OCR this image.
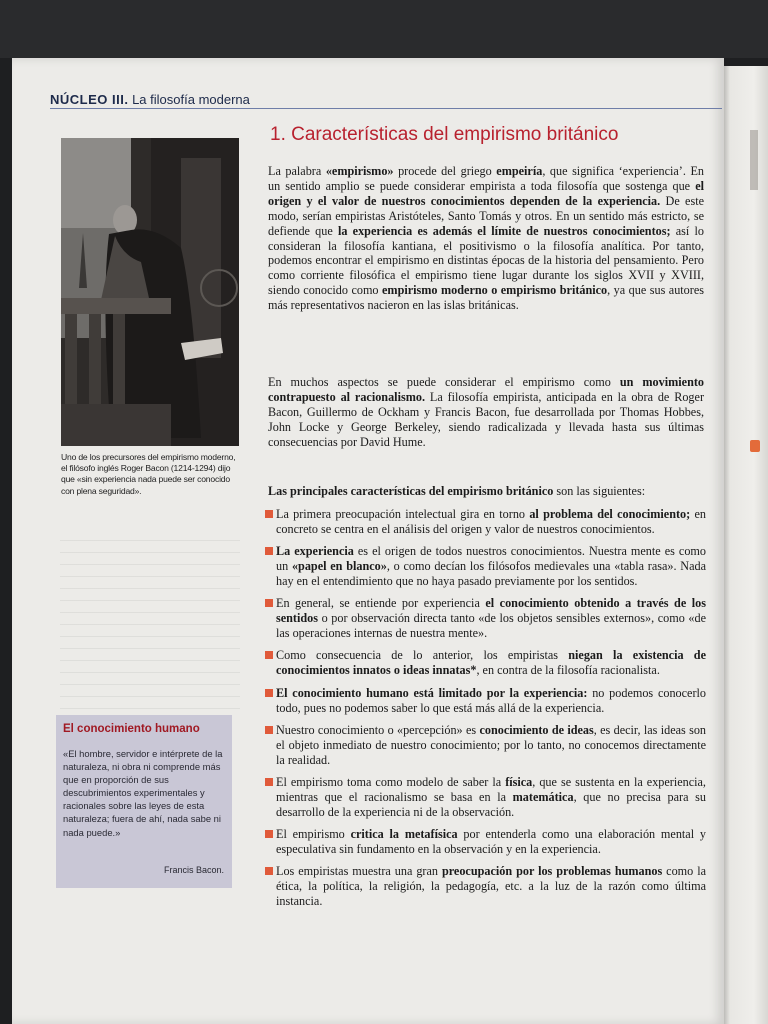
NÚCLEO III. La filosofía moderna
Uno de los precursores del empirismo moderno, el filósofo inglés Roger Bacon (1214-1294) dijo que «sin experiencia nada puede ser conocido con plena seguridad».
El conocimiento humano
«El hombre, servidor e intérprete de la naturaleza, ni obra ni comprende más que en proporción de sus descubrimientos experimentales y racionales sobre las leyes de esta naturaleza; fuera de ahí, nada sabe ni nada puede.»
Francis Bacon.
1. Características del empirismo británico
La palabra «empirismo» procede del griego empeiría, que significa ‘experiencia’. En un sentido amplio se puede considerar empirista a toda filosofía que sostenga que el origen y el valor de nuestros conocimientos dependen de la experiencia. De este modo, serían empiristas Aristóteles, Santo Tomás y otros. En un sentido más estricto, se defiende que la experiencia es además el límite de nuestros conocimientos; así lo consideran la filosofía kantiana, el positivismo o la filosofía analítica. Por tanto, podemos encontrar el empirismo en distintas épocas de la historia del pensamiento. Pero como corriente filosófica el empirismo tiene lugar durante los siglos XVII y XVIII, siendo conocido como empirismo moderno o empirismo británico, ya que sus autores más representativos nacieron en las islas británicas.
En muchos aspectos se puede considerar el empirismo como un movimiento contrapuesto al racionalismo. La filosofía empirista, anticipada en la obra de Roger Bacon, Guillermo de Ockham y Francis Bacon, fue desarrollada por Thomas Hobbes, John Locke y George Berkeley, siendo radicalizada y llevada hasta sus últimas consecuencias por David Hume.
Las principales características del empirismo británico son las siguientes:
La primera preocupación intelectual gira en torno al problema del conocimiento; en concreto se centra en el análisis del origen y valor de nuestros conocimientos.
La experiencia es el origen de todos nuestros conocimientos. Nuestra mente es como un «papel en blanco», o como decían los filósofos medievales una «tabla rasa». Nada hay en el entendimiento que no haya pasado previamente por los sentidos.
En general, se entiende por experiencia el conocimiento obtenido a través de los sentidos o por observación directa tanto «de los objetos sensibles externos», como «de las operaciones internas de nuestra mente».
Como consecuencia de lo anterior, los empiristas niegan la existencia de conocimientos innatos o ideas innatas*, en contra de la filosofía racionalista.
El conocimiento humano está limitado por la experiencia: no podemos conocerlo todo, pues no podemos saber lo que está más allá de la experiencia.
Nuestro conocimiento o «percepción» es conocimiento de ideas, es decir, las ideas son el objeto inmediato de nuestro conocimiento; por lo tanto, no conocemos directamente la realidad.
El empirismo toma como modelo de saber la física, que se sustenta en la experiencia, mientras que el racionalismo se basa en la matemática, que no precisa para su desarrollo de la experiencia ni de la observación.
El empirismo critica la metafísica por entenderla como una elaboración mental y especulativa sin fundamento en la observación y en la experiencia.
Los empiristas muestra una gran preocupación por los problemas humanos como la ética, la política, la religión, la pedagogía, etc. a la luz de la razón como última instancia.
